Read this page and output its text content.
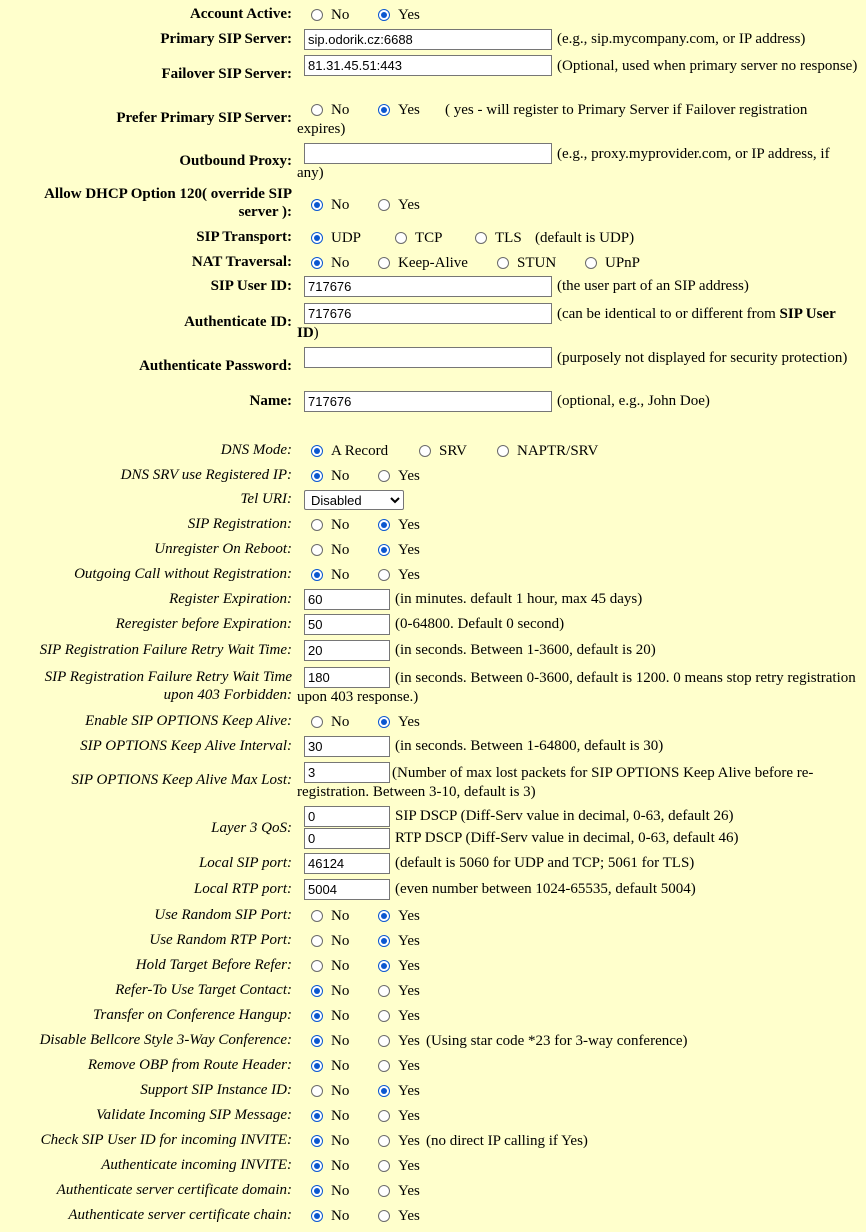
Account Active:	No	Yes
Primary SIP Server:
sip.odorik.cz:6688	(e.g., sip.mycompany.com, or IP address)
Failover SIP Server:
81.31.45.51:443	(Optional, used when primary server no response)
Prefer Primary SIP Server:	No	Yes	( yes - will register to Primary Server if Failover registration expires)
Outbound Proxy:	(e.g., proxy.myprovider.com, or IP address, if any)
Allow DHCP Option 120( override SIP
server ):	No	Yes
SIP Transport:	UDP	TCP	TLS (default is UDP)
NAT Traversal:	No	Keep-Alive	STUN	UPnP
SIP User ID:
717676	(the user part of an SIP address)
Authenticate ID:
717676	(can be identical to or different from SIP User ID)
Authenticate Password:	(purposely not displayed for security protection)
Name:
717676	(optional, e.g., John Doe)
DNS Mode:	A Record	SRV	NAPTR/SRV
DNS SRV use Registered IP:	No	Yes
Tel URI:
Disabled
SIP Registration:	No	Yes
Unregister On Reboot:	No	Yes
Outgoing Call without Registration:	No	Yes
Register Expiration:
60	(in minutes. default 1 hour, max 45 days)
Reregister before Expiration:
50	(0-64800. Default 0 second)
SIP Registration Failure Retry Wait Time:
20	(in seconds. Between 1-3600, default is 20)
SIP Registration Failure Retry Wait Time
upon 403 Forbidden:
180
(in seconds. Between 0-3600, default is 1200. 0 means stop retry registration upon 403 response.)
Enable SIP OPTIONS Keep Alive:	No	Yes
SIP OPTIONS Keep Alive Interval:
30	(in seconds. Between 1-64800, default is 30)
SIP OPTIONS Keep Alive Max Lost:
3	(Number of max lost packets for SIP OPTIONS Keep Alive before re-registration. Between 3-10, default is 3)
Layer 3 QoS:
0
SIP DSCP (Diff-Serv value in decimal, 0-63, default 26)
0
RTP DSCP (Diff-Serv value in decimal, 0-63, default 46)
Local SIP port:
46124	(default is 5060 for UDP and TCP; 5061 for TLS)
Local RTP port:
5004	(even number between 1024-65535, default 5004)
Use Random SIP Port:	No	Yes
Use Random RTP Port:	No	Yes
Hold Target Before Refer:	No	Yes
Refer-To Use Target Contact:	No	Yes
Transfer on Conference Hangup:	No	Yes
Disable Bellcore Style 3-Way Conference:	No	Yes (Using star code *23 for 3-way conference)
Remove OBP from Route Header:	No	Yes
Support SIP Instance ID:	No	Yes
Validate Incoming SIP Message:	No	Yes
Check SIP User ID for incoming INVITE:	No	Yes (no direct IP calling if Yes)
Authenticate incoming INVITE:	No	Yes
Authenticate server certificate domain:	No	Yes
Authenticate server certificate chain:	No	Yes
